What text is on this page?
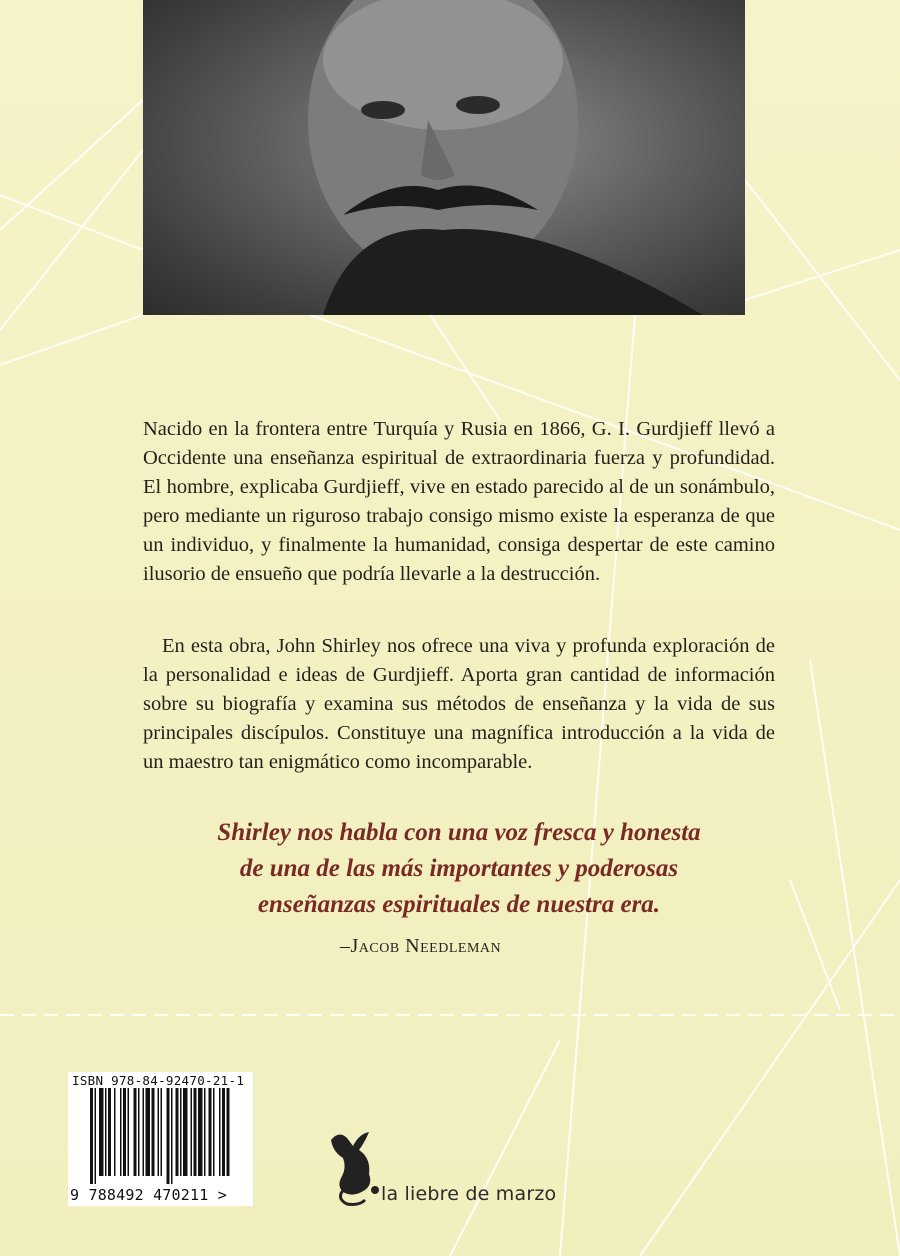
Nacido en la frontera entre Turquía y Rusia en 1866, G. I. Gurdjieff llevó a Occidente una enseñanza espiritual de extraordinaria fuerza y profundidad. El hombre, explicaba Gurdjieff, vive en estado parecido al de un sonámbulo, pero mediante un riguroso trabajo consigo mismo existe la esperanza de que un individuo, y finalmente la humanidad, consiga despertar de este camino ilusorio de ensueño que podría llevarle a la destrucción.

En esta obra, John Shirley nos ofrece una viva y profunda exploración de la personalidad e ideas de Gurdjieff. Aporta gran cantidad de información sobre su biografía y examina sus métodos de enseñanza y la vida de sus principales discípulos. Constituye una magnífica introducción a la vida de un maestro tan enigmático como incomparable.

Shirley nos habla con una voz fresca y honesta
de una de las más importantes y poderosas
enseñanzas espirituales de nuestra era.

–Jacob Needleman

ISBN 978-84-92470-21-1
9 788492 470211 >	la liebre de marzo
